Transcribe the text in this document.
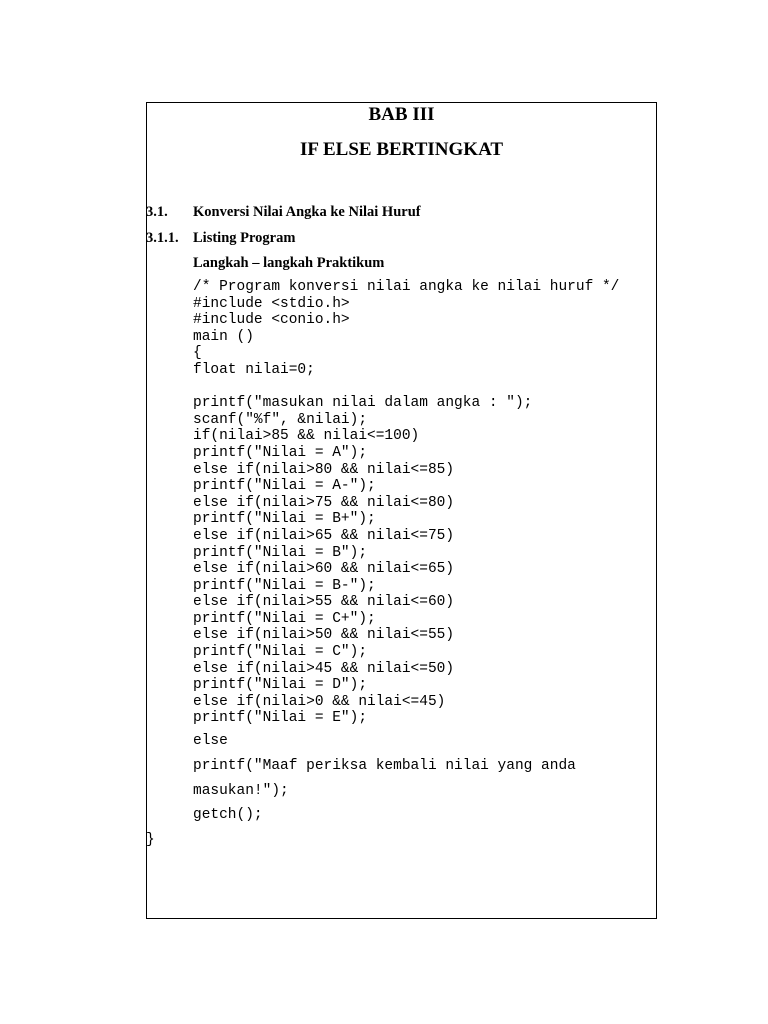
BAB III
IF ELSE BERTINGKAT
3.1. Konversi Nilai Angka ke Nilai Huruf
3.1.1. Listing Program
Langkah – langkah Praktikum
/* Program konversi nilai angka ke nilai huruf */
#include <stdio.h>
#include <conio.h>
main ()
{
float nilai=0;

printf("masukan nilai dalam angka : ");
scanf("%f", &nilai);
if(nilai>85 && nilai<=100)
printf("Nilai = A");
else if(nilai>80 && nilai<=85)
printf("Nilai = A-");
else if(nilai>75 && nilai<=80)
printf("Nilai = B+");
else if(nilai>65 && nilai<=75)
printf("Nilai = B");
else if(nilai>60 && nilai<=65)
printf("Nilai = B-");
else if(nilai>55 && nilai<=60)
printf("Nilai = C+");
else if(nilai>50 && nilai<=55)
printf("Nilai = C");
else if(nilai>45 && nilai<=50)
printf("Nilai = D");
else if(nilai>0 && nilai<=45)
printf("Nilai = E");
else
printf("Maaf periksa kembali nilai yang anda
masukan!");
getch();
}
